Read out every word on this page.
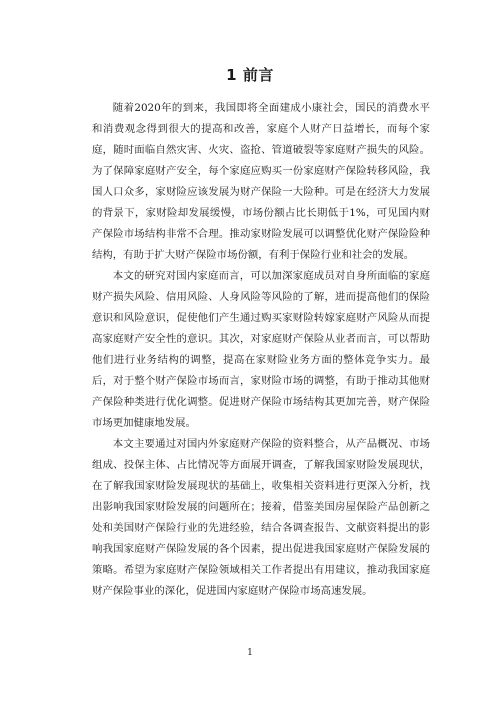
1 前言

随着2020年的到来，我国即将全面建成小康社会，国民的消费水平和消费观念得到很大的提高和改善，家庭个人财产日益增长，而每个家庭，随时面临自然灾害、火灾、盗抢、管道破裂等家庭财产损失的风险。为了保障家庭财产安全，每个家庭应购买一份家庭财产保险转移风险，我国人口众多，家财险应该发展为财产保险一大险种。可是在经济大力发展的背景下，家财险却发展缓慢，市场份额占比长期低于1%，可见国内财产保险市场结构非常不合理。推动家财险发展可以调整优化财产保险险种结构，有助于扩大财产保险市场份额，有利于保险行业和社会的发展。

本文的研究对国内家庭而言，可以加深家庭成员对自身所面临的家庭财产损失风险、信用风险、人身风险等风险的了解，进而提高他们的保险意识和风险意识，促使他们产生通过购买家财险转嫁家庭财产风险从而提高家庭财产安全性的意识。其次，对家庭财产保险从业者而言，可以帮助他们进行业务结构的调整，提高在家财险业务方面的整体竞争实力。最后，对于整个财产保险市场而言，家财险市场的调整，有助于推动其他财产保险种类进行优化调整。促进财产保险市场结构其更加完善，财产保险市场更加健康地发展。

本文主要通过对国内外家庭财产保险的资料整合，从产品概况、市场组成、投保主体、占比情况等方面展开调查，了解我国家财险发展现状，在了解我国家财险发展现状的基础上，收集相关资料进行更深入分析，找出影响我国家财险发展的问题所在；接着，借鉴美国房屋保险产品创新之处和美国财产保险行业的先进经验，结合各调查报告、文献资料提出的影响我国家庭财产保险发展的各个因素，提出促进我国家庭财产保险发展的策略。希望为家庭财产保险领域相关工作者提出有用建议，推动我国家庭财产保险事业的深化，促进国内家庭财产保险市场高速发展。

1
